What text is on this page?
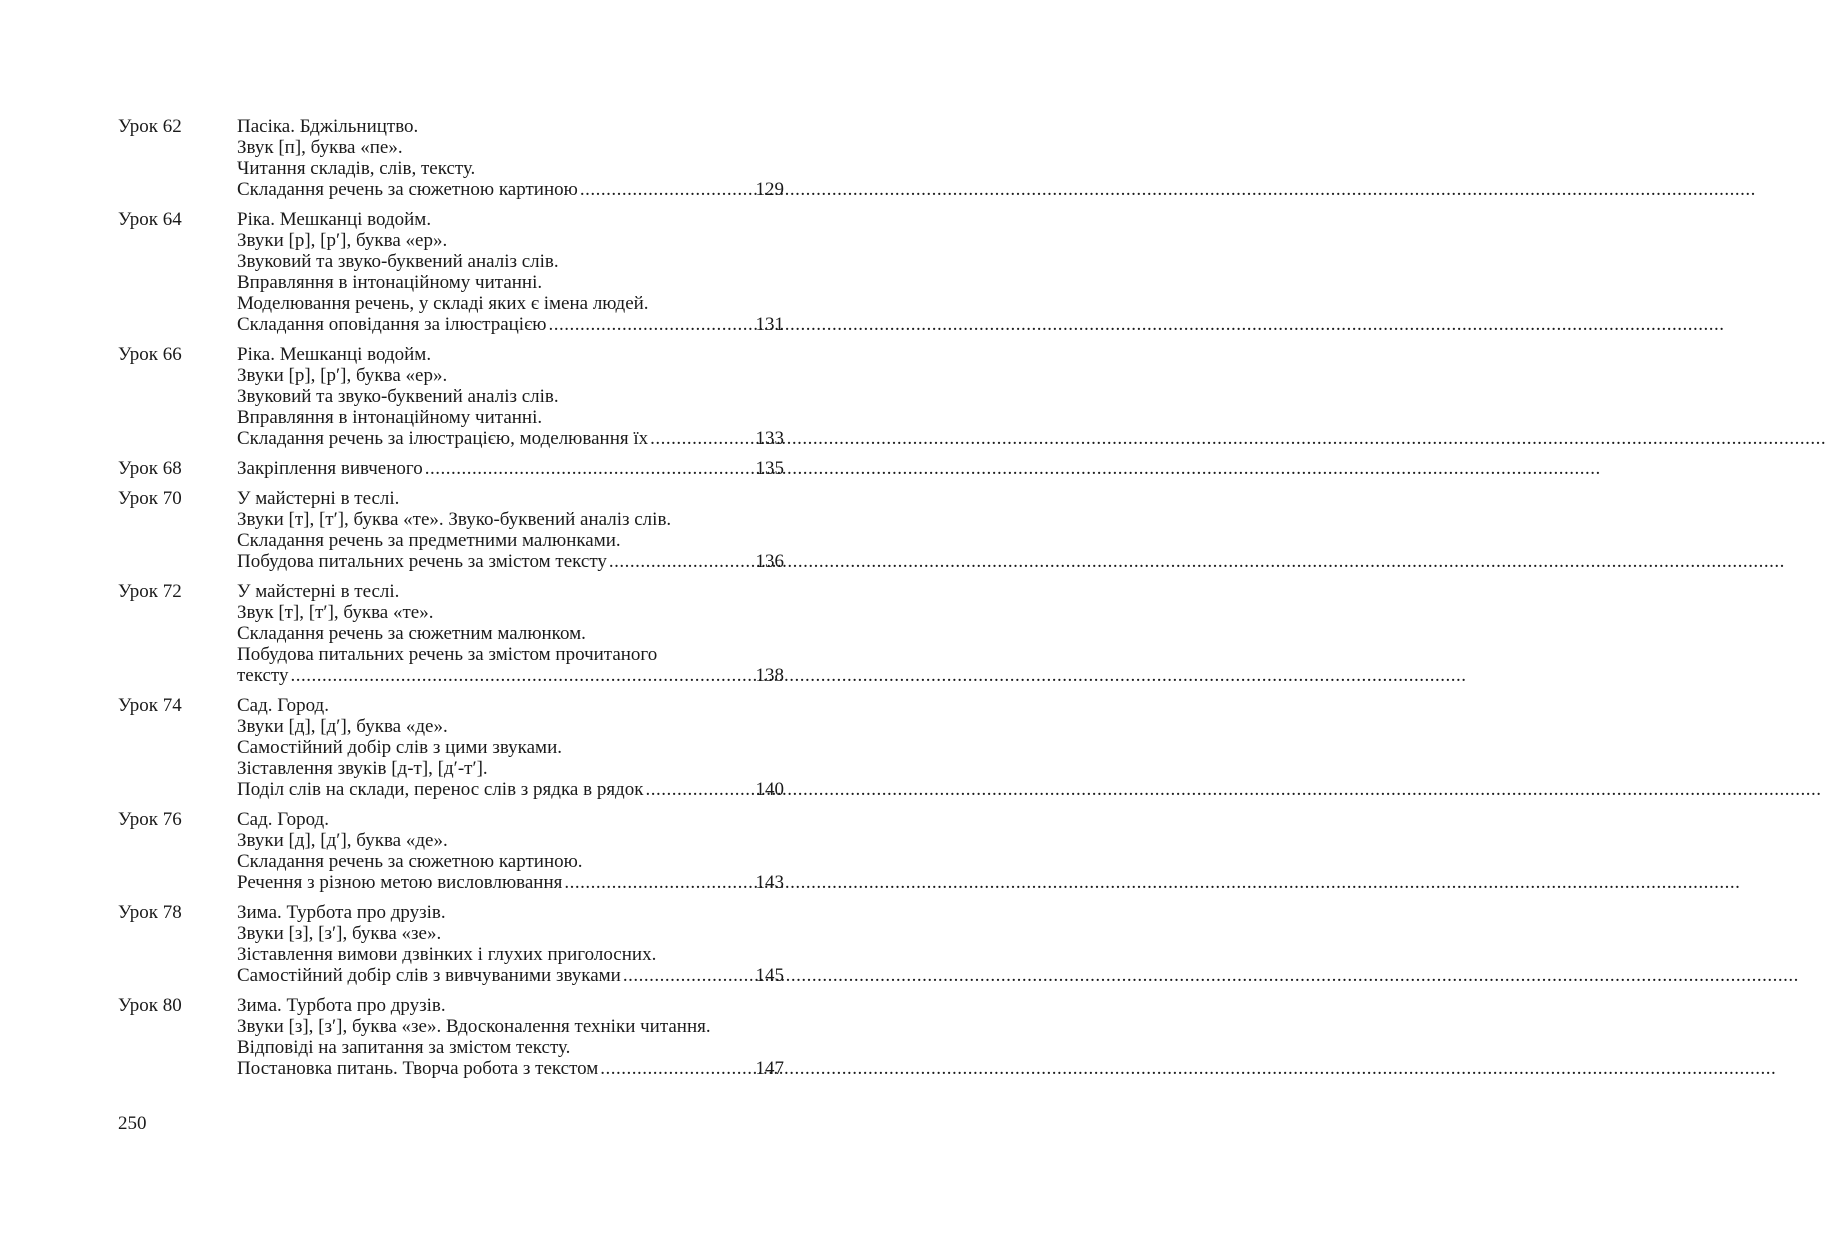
Урок 62	Пасіка. Бджільництво.
Звук [п], буква «пе».
Читання складів, слів, тексту.
Складання речень за сюжетною картиною .....	129
Урок 64	Ріка. Мешканці водойм.
Звуки [р], [р′], буква «ер».
Звуковий та звуко-буквений аналіз слів.
Вправляння в інтонаційному читанні.
Моделювання речень, у складі яких є імена людей.
Складання оповідання за ілюстрацією .....	131
Урок 66	Ріка. Мешканці водойм.
Звуки [р], [р′], буква «ер».
Звуковий та звуко-буквений аналіз слів.
Вправляння в інтонаційному читанні.
Складання речень за ілюстрацією, моделювання їх .....	133
Урок 68	Закріплення вивченого .....	135
Урок 70	У майстерні в теслі.
Звуки [т], [т′], буква «те». Звуко-буквений аналіз слів.
Складання речень за предметними малюнками.
Побудова питальних речень за змістом тексту .....	136
Урок 72	У майстерні в теслі.
Звук [т], [т′], буква «те».
Складання речень за сюжетним малюнком.
Побудова питальних речень за змістом прочитаного
тексту .....	138
Урок 74	Сад. Город.
Звуки [д], [д′], буква «де».
Самостійний добір слів з цими звуками.
Зіставлення звуків [д-т], [д′-т′].
Поділ слів на склади, перенос слів з рядка в рядок .....	140
Урок 76	Сад. Город.
Звуки [д], [д′], буква «де».
Складання речень за сюжетною картиною.
Речення з різною метою висловлювання .....	143
Урок 78	Зима. Турбота про друзів.
Звуки [з], [з′], буква «зе».
Зіставлення вимови дзвінких і глухих приголосних.
Самостійний добір слів з вивчуваними звуками .....	145
Урок 80	Зима. Турбота про друзів.
Звуки [з], [з′], буква «зе». Вдосконалення техніки читання.
Відповіді на запитання за змістом тексту.
Постановка питань. Творча робота з текстом .....	147
250
